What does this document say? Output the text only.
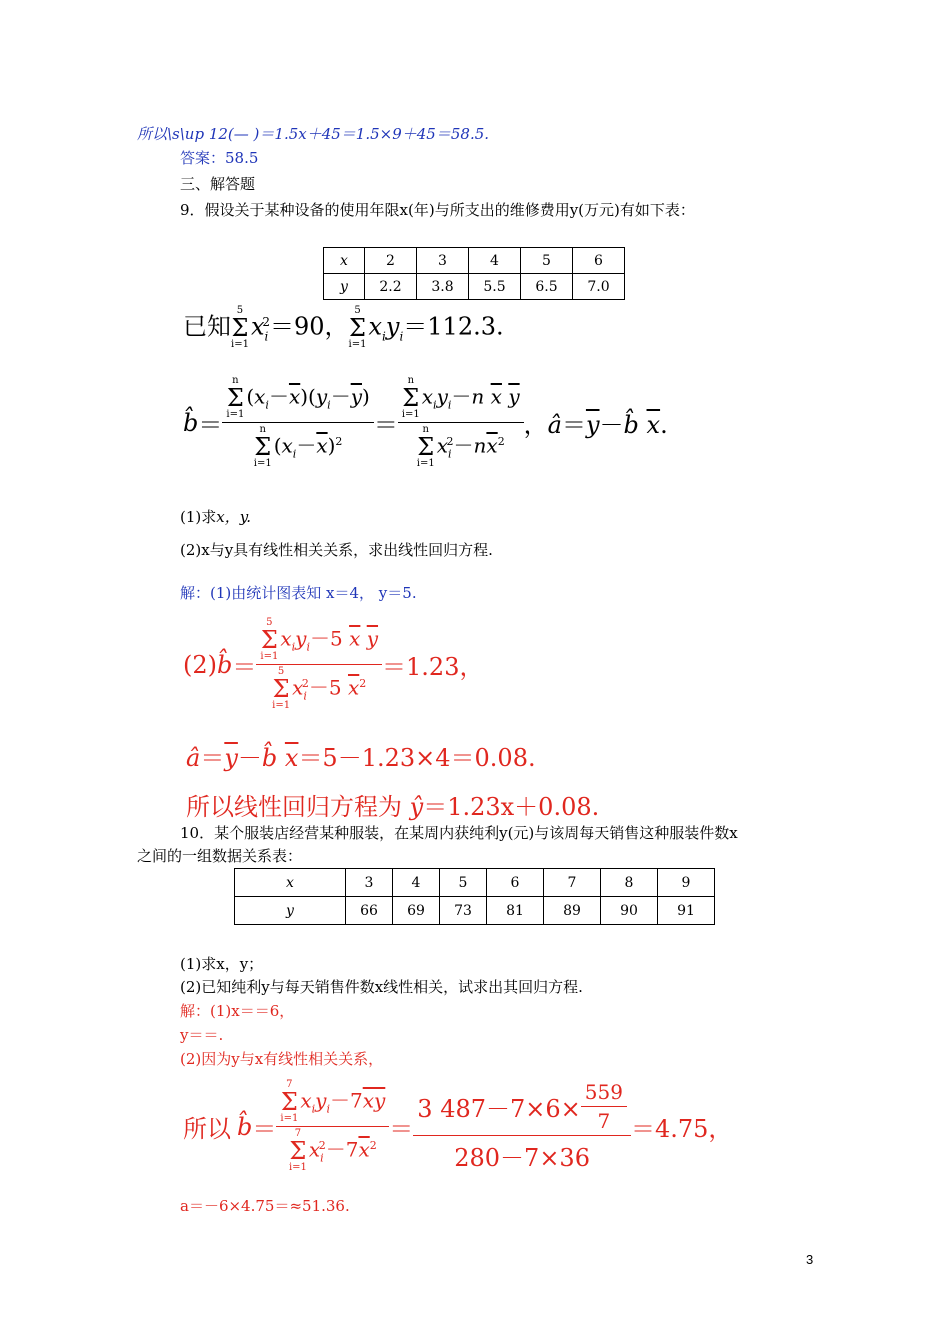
所以\s\up 12(— )＝1.5x＋45＝1.5×9＋45＝58.5.
答案：58.5
三、解答题
9．假设关于某种设备的使用年限x(年)与所支出的维修费用y(万元)有如下表：
x	2	3	4	5	6
y	2.2	3.8	5.5	6.5	7.0
已知
5
Σ
i=1
$x_i^2=90$，
5
Σ
i=1
$x_iy_i=112.3$.
b̂ ＝ n
Σ
i=1
$(x_i-\overline{x})(y_i-\overline{y})$
n
Σ
i=1
$(x_i-\overline{x})^2 = n$
Σ
i=1
$x_iy_i-n$ $\overline{x}$ $\overline{y}$
n
Σ
i=1
$x_i^2-n\overline{x}^2$ ，$â=\overline{y}-b̂$ $\overline{x}$.
(1)求x，y.
(2)x与y具有线性相关关系，求出线性回归方程.
解：(1)由统计图表知 x＝4， y＝5.
(2) b̂ ＝ 5
Σ
i=1
$x_iy_i-5$ $\overline{x}$ $\overline{y}$
5
Σ
i=1
$x_i^2-5$ $\overline{x}^2 =1.23$，
$â=\overline{y}-b̂$ $\overline{x}=5-1.23\times 4=0.08$.
所以线性回归方程为 ŷ＝1.23x＋0.08.
10．某个服装店经营某种服装，在某周内获纯利y(元)与该周每天销售这种服装件数x
之间的一组数据关系表：
x	3	4	5	6	7	8	9
y	66	69	73	81	89	90	91
(1)求x，y；
(2)已知纯利y与每天销售件数x线性相关，试求出其回归方程.
解：(1)x＝＝6，
y＝＝.
(2)因为y与x有线性相关关系，
所以 b̂ ＝ 7
Σ
i=1
$x_iy_i-7\overline{xy}$
7
Σ
i=1
$x_i^2-7\overline{x}^2 = \frac{3 487-7\times 6\times \frac{559}{7}}{280-7\times 36} =4.75$，
a＝－6×4.75＝≈51.36.
3
